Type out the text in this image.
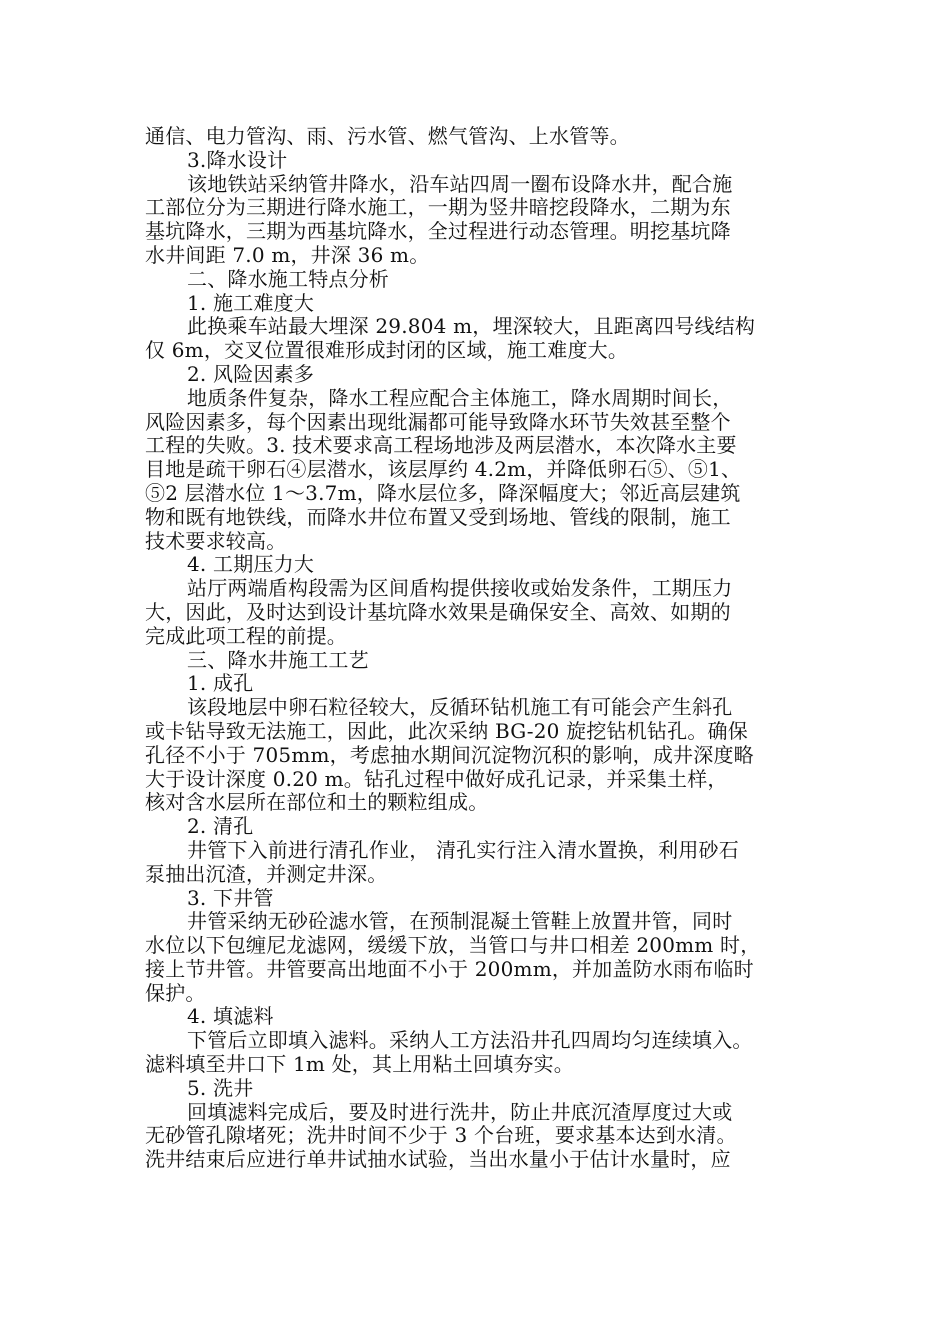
通信、电力管沟、雨、污水管、燃气管沟、上水管等。
3.降水设计
该地铁站采纳管井降水，沿车站四周一圈布设降水井，配合施
工部位分为三期进行降水施工，一期为竖井暗挖段降水，二期为东
基坑降水，三期为西基坑降水，全过程进行动态管理。明挖基坑降
水井间距 7.0 m，井深 36 m。
二、降水施工特点分析
1. 施工难度大
此换乘车站最大埋深 29.804 m，埋深较大，且距离四号线结构
仅 6m，交叉位置很难形成封闭的区域，施工难度大。
2. 风险因素多
地质条件复杂，降水工程应配合主体施工，降水周期时间长，
风险因素多，每个因素出现纰漏都可能导致降水环节失效甚至整个
工程的失败。3. 技术要求高工程场地涉及两层潜水，本次降水主要
目地是疏干卵石④层潜水，该层厚约 4.2m，并降低卵石⑤、⑤1、
⑤2 层潜水位 1～3.7m，降水层位多，降深幅度大；邻近高层建筑
物和既有地铁线，而降水井位布置又受到场地、管线的限制，施工
技术要求较高。
4. 工期压力大
站厅两端盾构段需为区间盾构提供接收或始发条件，工期压力
大，因此，及时达到设计基坑降水效果是确保安全、高效、如期的
完成此项工程的前提。
三、降水井施工工艺
1. 成孔
该段地层中卵石粒径较大，反循环钻机施工有可能会产生斜孔
或卡钻导致无法施工，因此，此次采纳 BG-20 旋挖钻机钻孔。确保
孔径不小于 705mm，考虑抽水期间沉淀物沉积的影响，成井深度略
大于设计深度 0.20 m。钻孔过程中做好成孔记录，并采集土样，
核对含水层所在部位和土的颗粒组成。
2. 清孔
井管下入前进行清孔作业， 清孔实行注入清水置换，利用砂石
泵抽出沉渣，并测定井深。
3. 下井管
井管采纳无砂砼滤水管，在预制混凝土管鞋上放置井管，同时
水位以下包缠尼龙滤网，缓缓下放，当管口与井口相差 200mm 时，
接上节井管。井管要高出地面不小于 200mm，并加盖防水雨布临时
保护。
4. 填滤料
下管后立即填入滤料。采纳人工方法沿井孔四周均匀连续填入。
滤料填至井口下 1m 处，其上用粘土回填夯实。
5. 洗井
回填滤料完成后，要及时进行洗井，防止井底沉渣厚度过大或
无砂管孔隙堵死；洗井时间不少于 3 个台班，要求基本达到水清。
洗井结束后应进行单井试抽水试验，当出水量小于估计水量时，应
